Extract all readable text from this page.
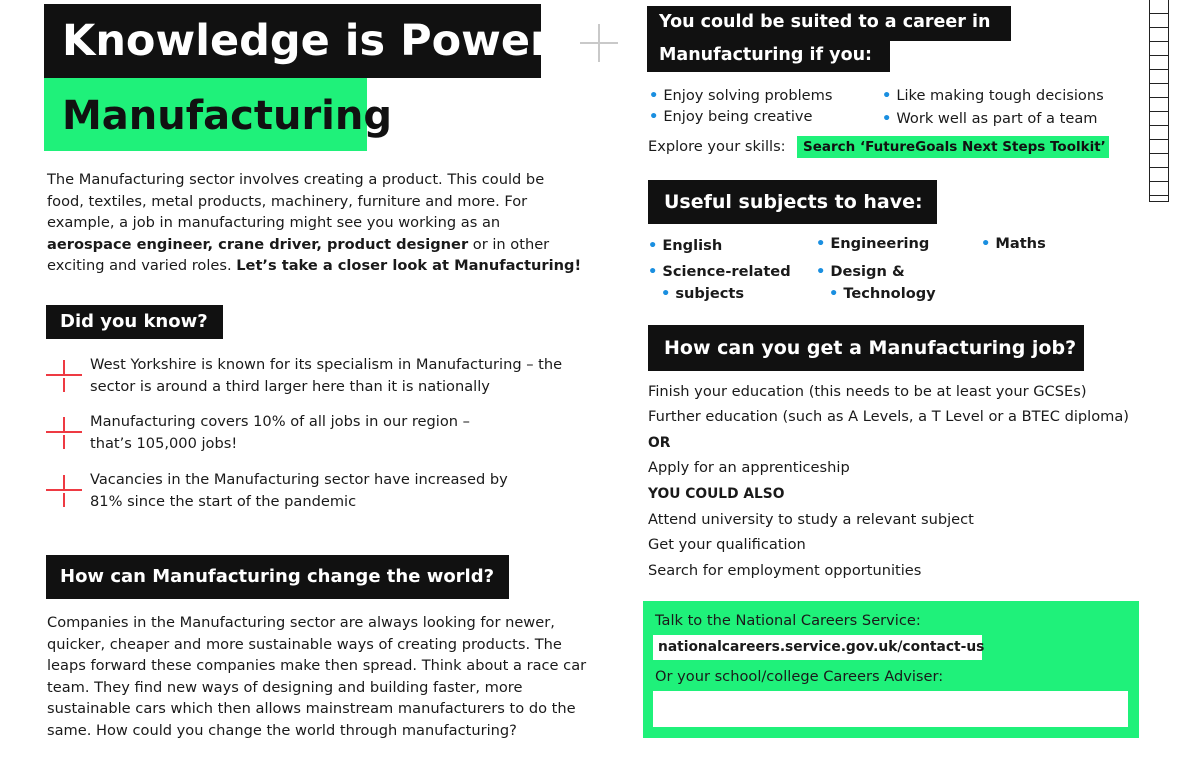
Knowledge is Power:
Manufacturing
The Manufacturing sector involves creating a product. This could be food, textiles, metal products, machinery, furniture and more. For example, a job in manufacturing might see you working as an aerospace engineer, crane driver, product designer or in other exciting and varied roles. Let’s take a closer look at Manufacturing!
Did you know?
West Yorkshire is known for its specialism in Manufacturing – the sector is around a third larger here than it is nationally
Manufacturing covers 10% of all jobs in our region – that’s 105,000 jobs!
Vacancies in the Manufacturing sector have increased by 81% since the start of the pandemic
How can Manufacturing change the world?
Companies in the Manufacturing sector are always looking for newer, quicker, cheaper and more sustainable ways of creating products. The leaps forward these companies make then spread. Think about a race car team. They find new ways of designing and building faster, more sustainable cars which then allows mainstream manufacturers to do the same. How could you change the world through manufacturing?
You could be suited to a career in
Manufacturing if you:
• Enjoy solving problems
• Enjoy being creative
• Like making tough decisions
• Work well as part of a team
Explore your skills:	Search ‘FutureGoals Next Steps Toolkit’
Useful subjects to have:
• English
• Science-related
• subjects
• Engineering
• Design &
• Technology
• Maths
How can you get a Manufacturing job?
Finish your education (this needs to be at least your GCSEs)
Further education (such as A Levels, a T Level or a BTEC diploma)
OR
Apply for an apprenticeship
YOU COULD ALSO
Attend university to study a relevant subject
Get your qualification
Search for employment opportunities
Talk to the National Careers Service:
nationalcareers.service.gov.uk/contact-us
Or your school/college Careers Adviser:
